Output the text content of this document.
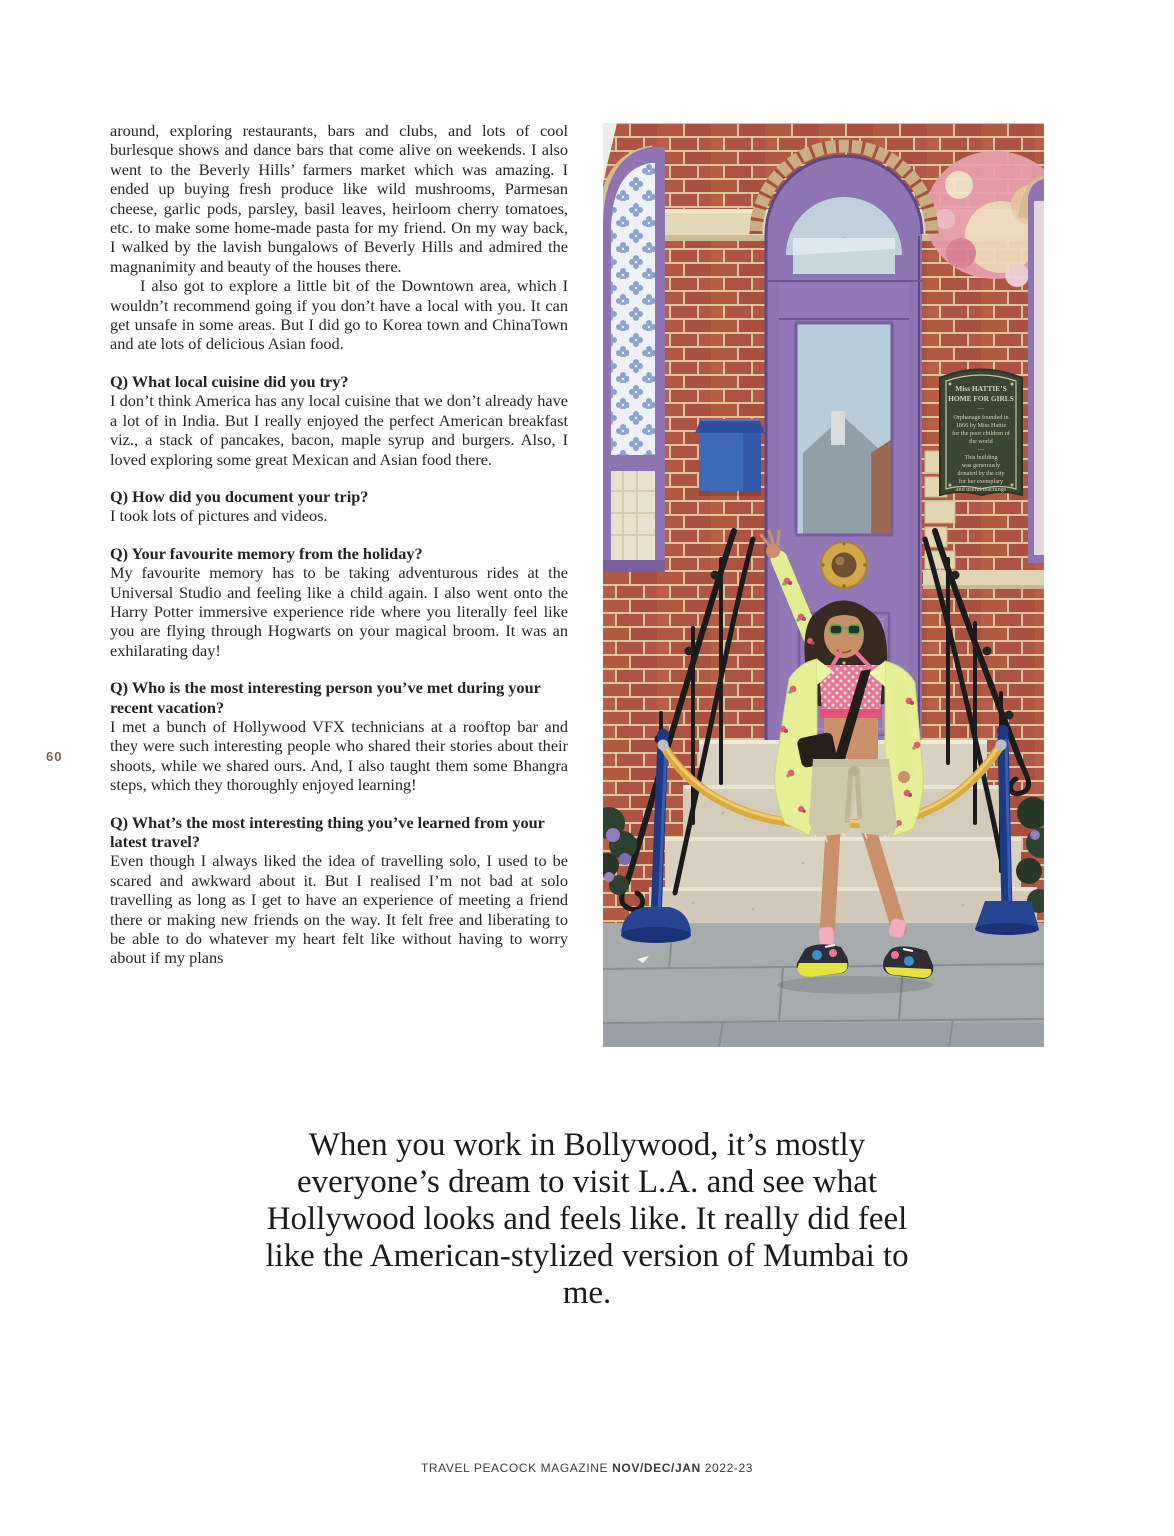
60

around, exploring restaurants, bars and clubs, and lots of cool burlesque shows and dance bars that come alive on weekends. I also went to the Beverly Hills’ farmers market which was amazing. I ended up buying fresh produce like wild mushrooms, Parmesan cheese, garlic pods, parsley, basil leaves, heirloom cherry tomatoes, etc. to make some home-made pasta for my friend. On my way back, I walked by the lavish bungalows of Beverly Hills and admired the magnanimity and beauty of the houses there.

I also got to explore a little bit of the Downtown area, which I wouldn’t recommend going if you don’t have a local with you. It can get unsafe in some areas. But I did go to Korea town and ChinaTown and ate lots of delicious Asian food.

Q) What local cuisine did you try?

I don’t think America has any local cuisine that we don’t already have a lot of in India. But I really enjoyed the perfect American breakfast viz., a stack of pancakes, bacon, maple syrup and burgers. Also, I loved exploring some great Mexican and Asian food there.

Q) How did you document your trip?

I took lots of pictures and videos.

Q) Your favourite memory from the holiday?

My favourite memory has to be taking adventurous rides at the Universal Studio and feeling like a child again. I also went onto the Harry Potter immersive experience ride where you literally feel like you are flying through Hogwarts on your magical broom. It was an exhilarating day!

Q) Who is the most interesting person you’ve met during your recent vacation?

I met a bunch of Hollywood VFX technicians at a rooftop bar and they were such interesting people who shared their stories about their shoots, while we shared ours. And, I also taught them some Bhangra steps, which they thoroughly enjoyed learning!

Q) What’s the most interesting thing you’ve learned from your latest travel?

Even though I always liked the idea of travelling solo, I used to be scared and awkward about it. But I realised I’m not bad at solo travelling as long as I get to have an experience of meeting a friend there or making new friends on the way. It felt free and liberating to be able to do whatever my heart felt like without having to worry about if my plans

Miss HATTIE’S
HOME FOR GIRLS
—
Orphanage founded in
1866 by Miss Hattie
for the poor children of
the world
—
This building
was generously
donated by the city
for her exemplary
and useful teachings
When you work in Bollywood, it’s mostly everyone’s dream to visit L.A. and see what Hollywood looks and feels like. It really did feel like the American-stylized version of Mumbai to me.
TRAVEL PEACOCK MAGAZINE NOV/DEC/JAN 2022-23
